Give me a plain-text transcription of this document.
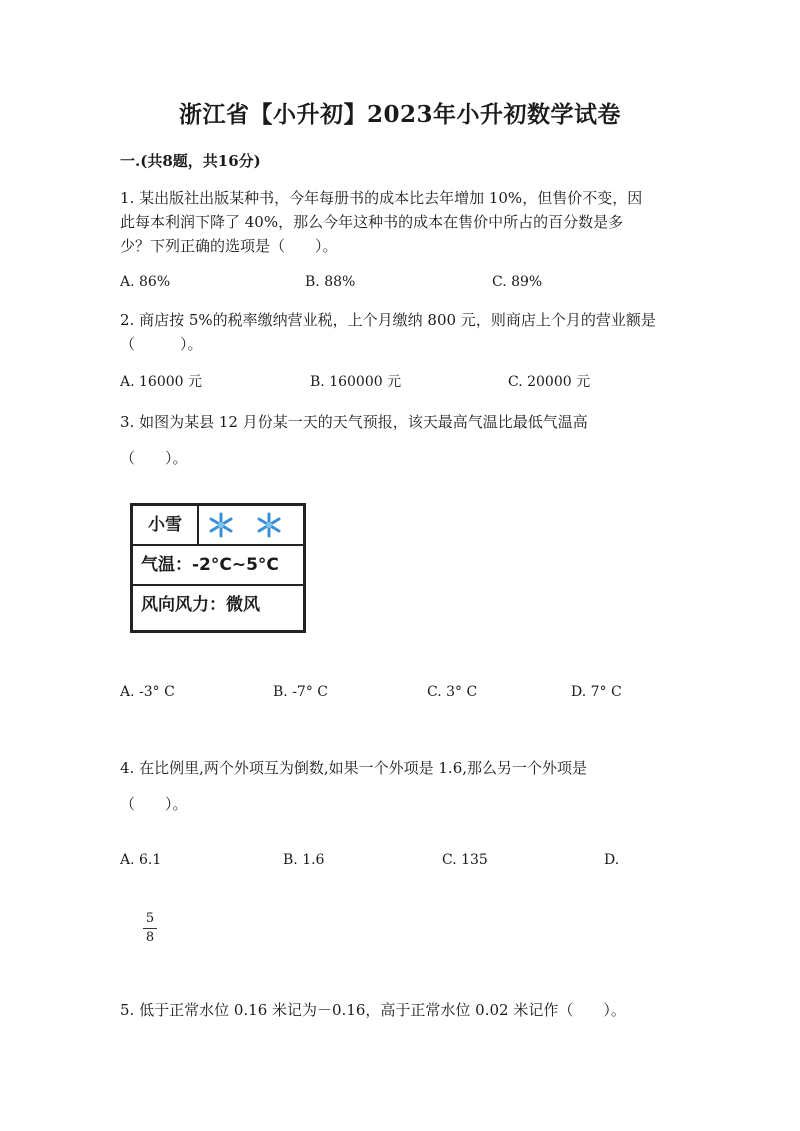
浙江省【小升初】2023年小升初数学试卷
一.(共8题，共16分)
1. 某出版社出版某种书，今年每册书的成本比去年增加 10%，但售价不变，因
此每本利润下降了 40%，那么今年这种书的成本在售价中所占的百分数是多
少？下列正确的选项是（　　）。
A. 86%	B. 88%	C. 89%
2. 商店按 5%的税率缴纳营业税，上个月缴纳 800 元，则商店上个月的营业额是
（　　　）。
A. 16000 元	B. 160000 元	C. 20000 元
3. 如图为某县 12 月份某一天的天气预报，该天最高气温比最低气温高
（　　）。
小雪
气温：-2°C~5°C
风向风力：微风
A. -3° C	B. -7° C	C. 3° C	D. 7° C
4. 在比例里,两个外项互为倒数,如果一个外项是 1.6,那么另一个外项是
（　　）。
A. 6.1	B. 1.6	C. 135	D.
5
8
5. 低于正常水位 0.16 米记为－0.16，高于正常水位 0.02 米记作（　　）。
